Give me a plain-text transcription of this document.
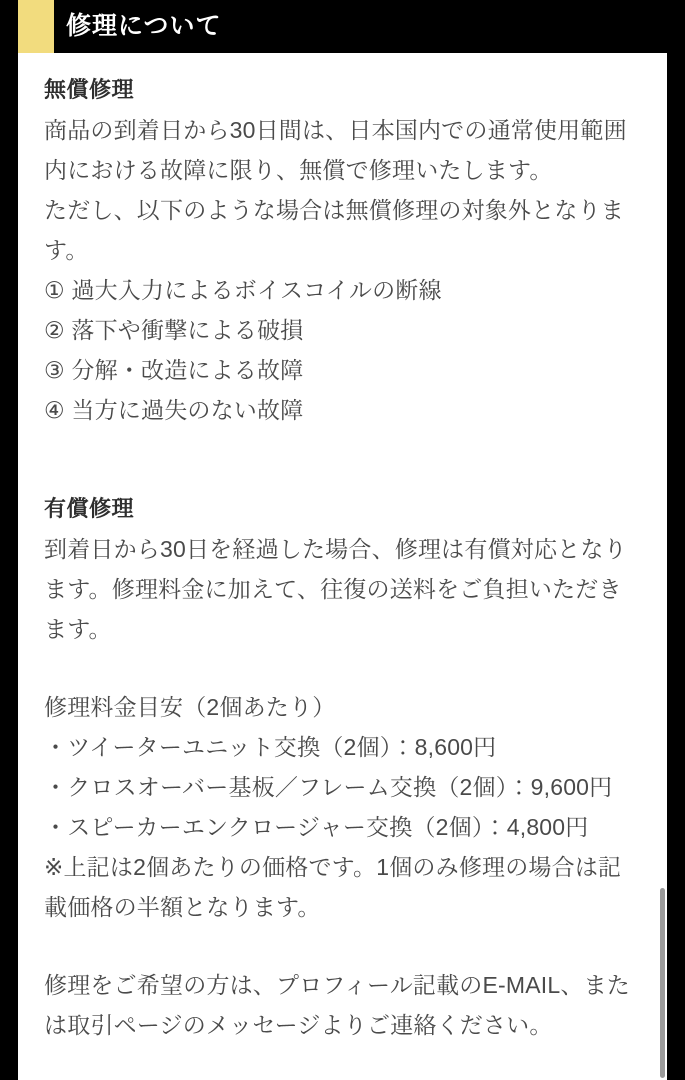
修理について
無償修理

商品の到着日から30日間は、日本国内での通常使用範囲内における故障に限り、無償で修理いたします。

ただし、以下のような場合は無償修理の対象外となります。

① 過大入力によるボイスコイルの断線
② 落下や衝撃による破損
③ 分解・改造による故障
④ 当方に過失のない故障
有償修理

到着日から30日を経過した場合、修理は有償対応となります。修理料金に加えて、往復の送料をご負担いただきます。

修理料金目安（2個あたり）

・ツイーターユニット交換（2個）：8,600円
・クロスオーバー基板／フレーム交換（2個）：9,600円
・スピーカーエンクロージャー交換（2個）：4,800円

※上記は2個あたりの価格です。1個のみ修理の場合は記載価格の半額となります。

修理をご希望の方は、プロフィール記載のE-MAIL、または取引ページのメッセージよりご連絡ください。
